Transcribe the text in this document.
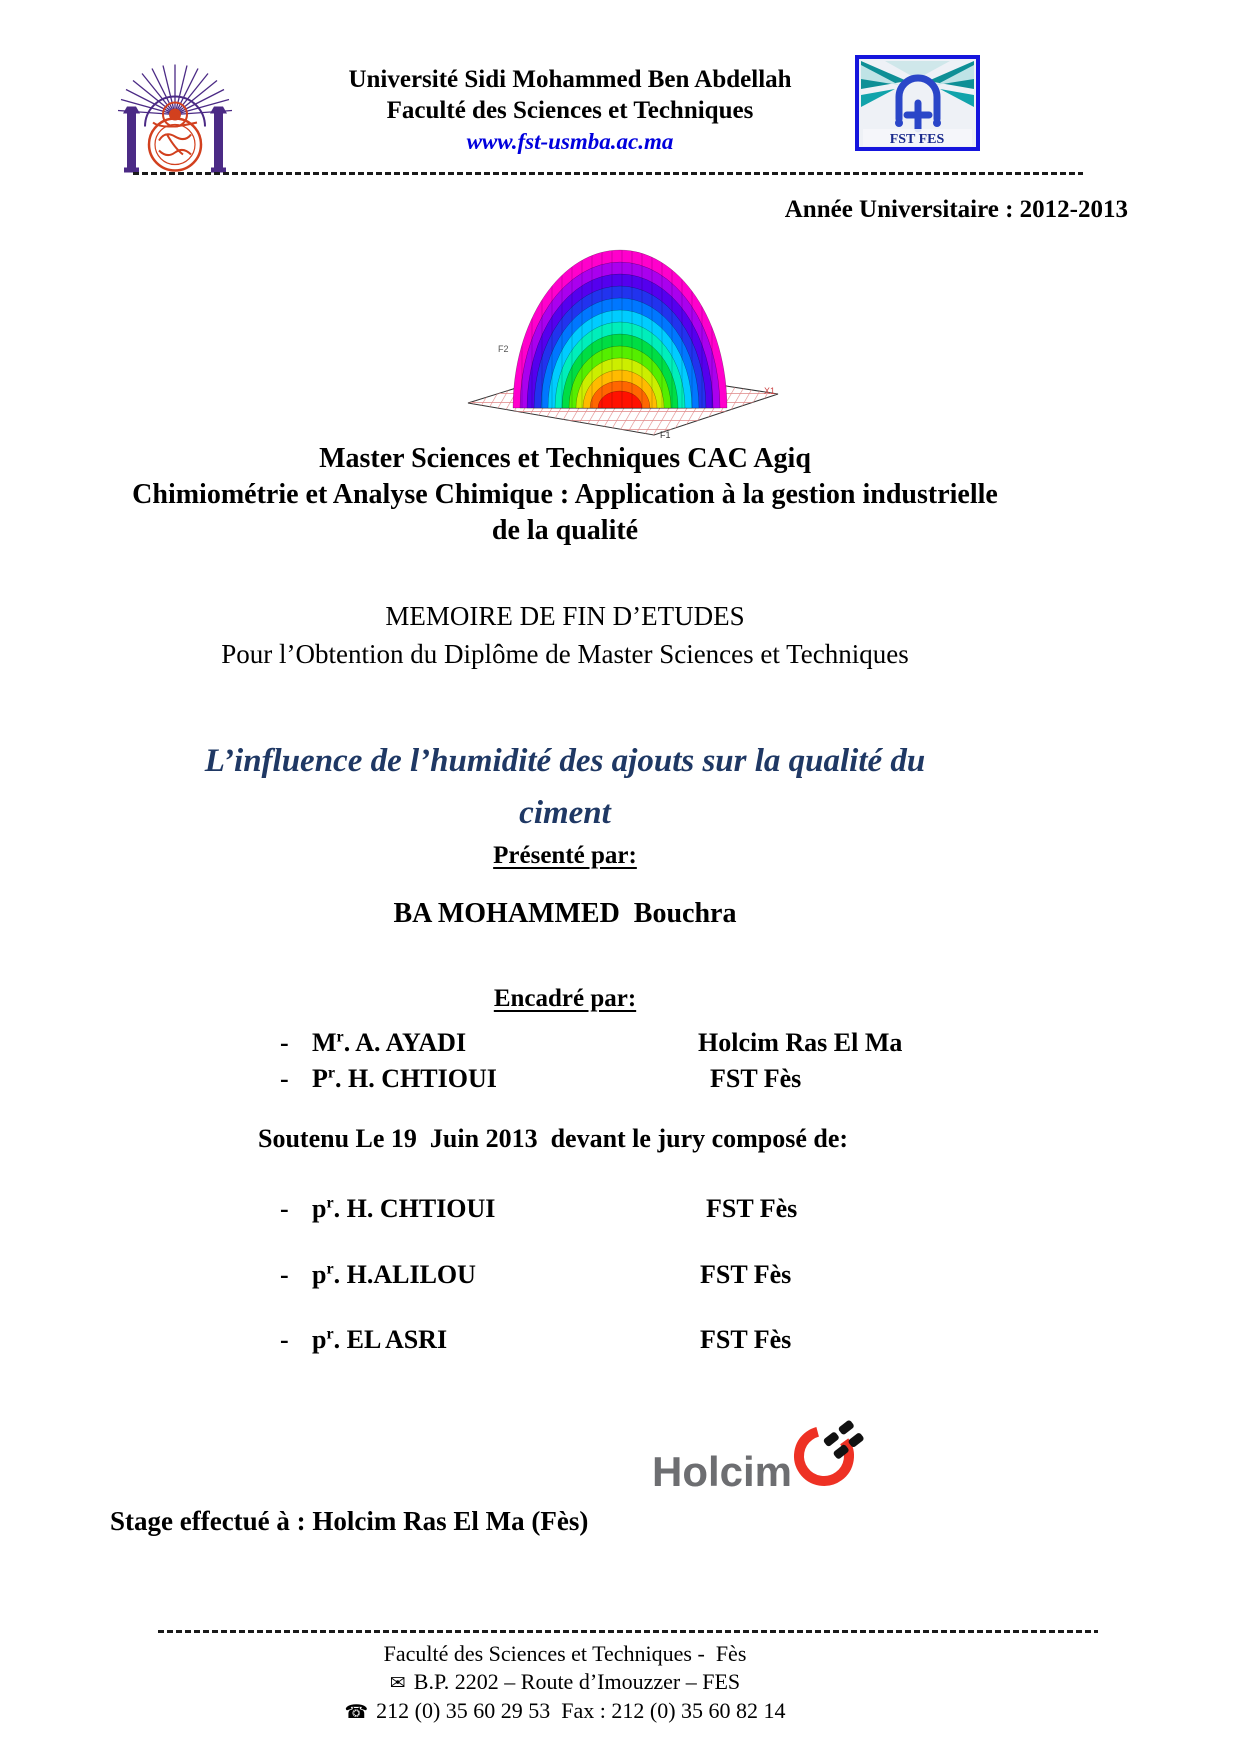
Université Sidi Mohammed Ben Abdellah
Faculté des Sciences et Techniques
www.fst-usmba.ac.ma	FST FES
Année Universitaire : 2012-2013
F2
F1
X1
Master Sciences et Techniques CAC Agiq
Chimiométrie et Analyse Chimique : Application à la gestion industrielle
de la qualité
MEMOIRE DE FIN D’ETUDES
Pour l’Obtention du Diplôme de Master Sciences et Techniques
L’influence de l’humidité des ajouts sur la qualité du
ciment
Présenté par:
BA MOHAMMED  Bouchra
Encadré par:
- $M^r$. A. AYADI	Holcim Ras El Ma
- $P^r$. H. CHTIOUI	FST Fès
Soutenu Le 19  Juin 2013  devant le jury composé de:
- $p^r$. H. CHTIOUI	FST Fès
- $p^r$. H.ALILOU	FST Fès
- $p^r$. EL ASRI	FST Fès
Holcim
Stage effectué à : Holcim Ras El Ma (Fès)
Faculté des Sciences et Techniques -  Fès
✉ B.P. 2202 – Route d’Imouzzer – FES
☎ 212 (0) 35 60 29 53  Fax : 212 (0) 35 60 82 14
